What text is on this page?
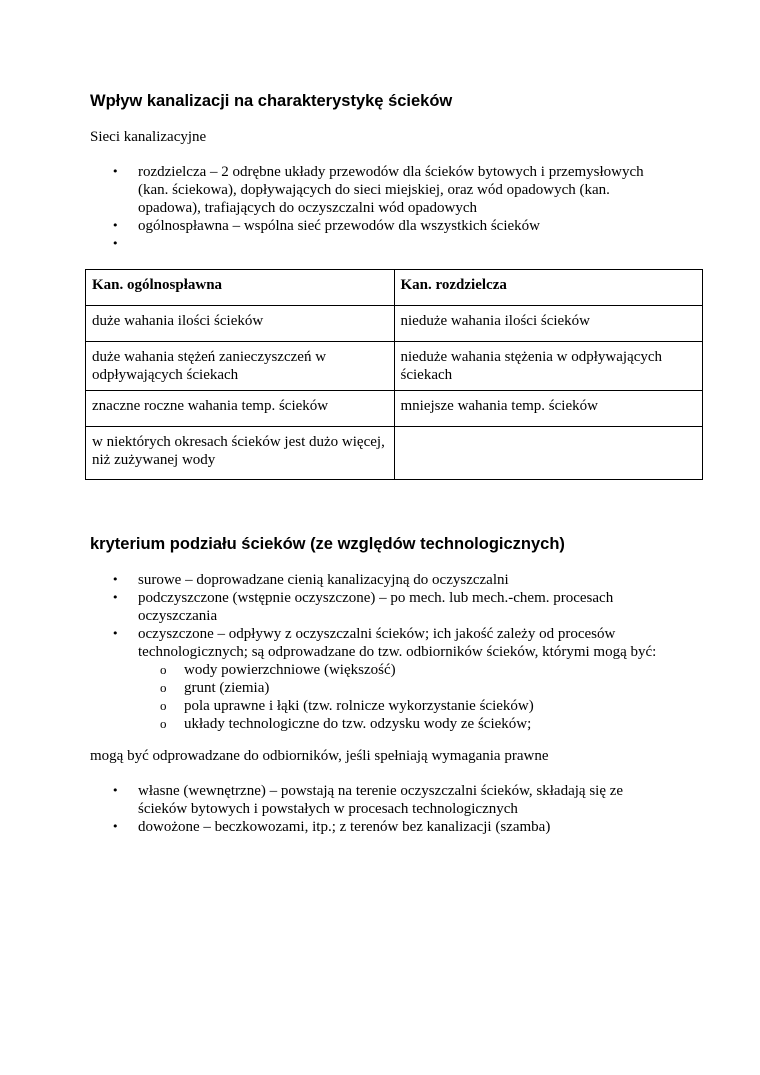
Wpływ kanalizacji na charakterystykę ścieków
Sieci kanalizacyjne
• rozdzielcza – 2 odrębne układy przewodów dla ścieków bytowych i przemysłowych
(kan. ściekowa), dopływających do sieci miejskiej, oraz wód opadowych (kan.
opadowa), trafiających do oczyszczalni wód opadowych
• ogólnospławna – wspólna sieć przewodów dla wszystkich ścieków
•
Kan. ogólnospławna	Kan. rozdzielcza
duże wahania ilości ścieków	nieduże wahania ilości ścieków
duże wahania stężeń zanieczyszczeń w odpływających ściekach	nieduże wahania stężenia w odpływających ściekach
znaczne roczne wahania temp. ścieków	mniejsze wahania temp. ścieków
w niektórych okresach ścieków jest dużo więcej, niż zużywanej wody	
kryterium podziału ścieków (ze względów technologicznych)
• surowe – doprowadzane cienią kanalizacyjną do oczyszczalni
• podczyszczone (wstępnie oczyszczone) – po mech. lub mech.-chem. procesach
oczyszczania
• oczyszczone – odpływy z oczyszczalni ścieków; ich jakość zależy od procesów
technologicznych; są odprowadzane do tzw. odbiorników ścieków, którymi mogą być:
o wody powierzchniowe (większość)
o grunt (ziemia)
o pola uprawne i łąki (tzw. rolnicze wykorzystanie ścieków)
o układy technologiczne do tzw. odzysku wody ze ścieków;
mogą być odprowadzane do odbiorników, jeśli spełniają wymagania prawne
• własne (wewnętrzne) – powstają na terenie oczyszczalni ścieków, składają się ze
ścieków bytowych i powstałych w procesach technologicznych
• dowożone – beczkowozami, itp.; z terenów bez kanalizacji (szamba)
